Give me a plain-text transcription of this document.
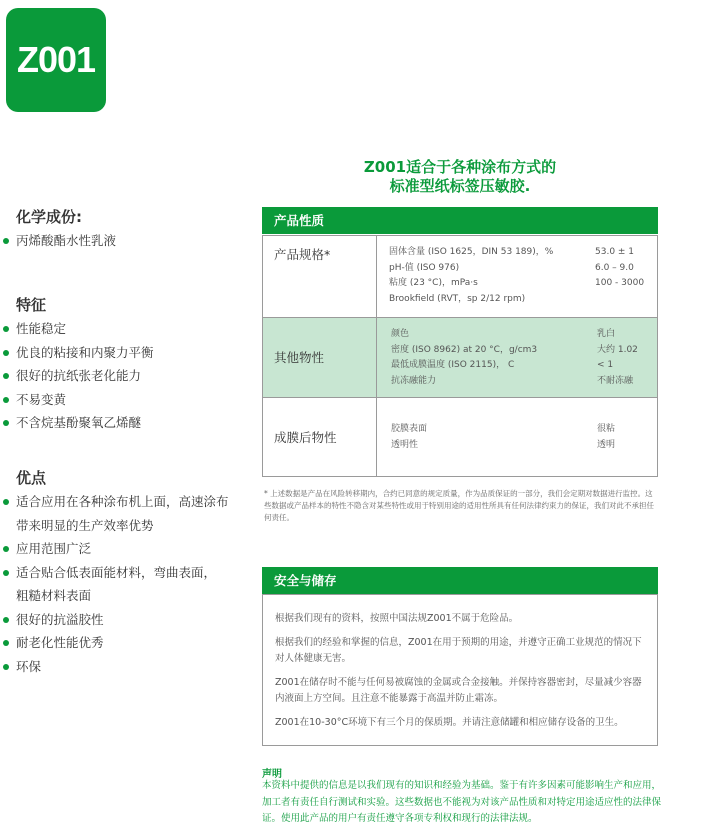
Z001
Z001适合于各种涂布方式的
标准型纸标签压敏胶.
化学成份:
丙烯酸酯水性乳液
特征
性能稳定
优良的粘接和内聚力平衡
很好的抗纸张老化能力
不易变黄
不含烷基酚聚氧乙烯醚
优点
适合应用在各种涂布机上面，高速涂布
带来明显的生产效率优势
应用范围广泛
适合贴合低表面能材料，弯曲表面，
粗糙材料表面
很好的抗溢胶性
耐老化性能优秀
环保
产品性质
产品规格*	固体含量 (ISO 1625，DIN 53 189)，%	53.0 ± 1
pH-值 (ISO 976)	6.0 – 9.0
粘度 (23 °C)，mPa·s	100 - 3000
Brookfield (RVT，sp 2/12 rpm)
其他物性
颜色	乳白
密度 (ISO 8962) at 20 °C，g/cm3	大约 1.02
最低成膜温度 (ISO 2115)， C	< 1
抗冻融能力	不耐冻融
成膜后物性
胶膜表面	很粘
透明性	透明
* 上述数据是产品在风险转移期内，合约已同意的规定质量，作为品质保证的一部分，我们会定期对数据进行监控。这些数据或产品样本的特性不隐含对某些特性或用于特别用途的适用性所具有任何法律约束力的保证，我们对此不承担任何责任。
安全与储存

根据我们现有的资料，按照中国法规Z001不属于危险品。

根据我们的经验和掌握的信息，Z001在用于预期的用途，并遵守正确工业规范的情况下对人体健康无害。

Z001在储存时不能与任何易被腐蚀的金属或合金接触。并保持容器密封，尽量减少容器内液面上方空间。且注意不能暴露于高温并防止霜冻。

Z001在10-30°C环境下有三个月的保质期。并请注意储罐和相应储存设备的卫生。

声明

本资料中提供的信息是以我们现有的知识和经验为基础。鉴于有许多因素可能影响生产和应用，加工者有责任自行测试和实验。这些数据也不能视为对该产品性质和对特定用途适应性的法律保证。使用此产品的用户有责任遵守各项专利权和现行的法律法规。
